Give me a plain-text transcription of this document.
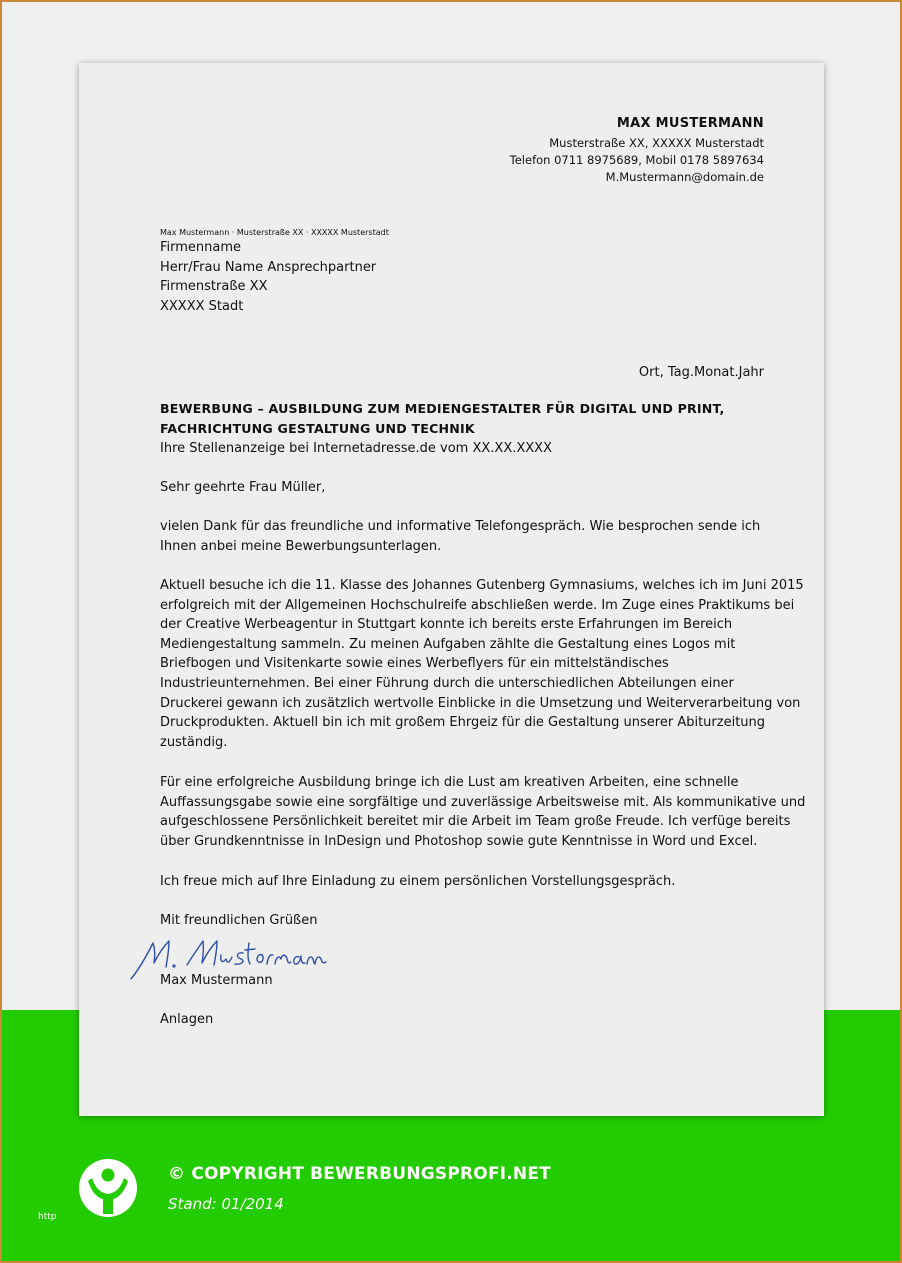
MAX MUSTERMANN
Musterstraße XX, XXXXX Musterstadt
Telefon 0711 8975689, Mobil 0178 5897634
M.Mustermann@domain.de
Max Mustermann · Musterstraße XX · XXXXX Musterstadt
Firmenname
Herr/Frau Name Ansprechpartner
Firmenstraße XX
XXXXX Stadt
Ort, Tag.Monat.Jahr
BEWERBUNG – AUSBILDUNG ZUM MEDIENGESTALTER FÜR DIGITAL UND PRINT,
FACHRICHTUNG GESTALTUNG UND TECHNIK
Ihre Stellenanzeige bei Internetadresse.de vom XX.XX.XXXX
Sehr geehrte Frau Müller,
vielen Dank für das freundliche und informative Telefongespräch. Wie besprochen sende ich
Ihnen anbei meine Bewerbungsunterlagen.
Aktuell besuche ich die 11. Klasse des Johannes Gutenberg Gymnasiums, welches ich im Juni 2015
erfolgreich mit der Allgemeinen Hochschulreife abschließen werde. Im Zuge eines Praktikums bei
der Creative Werbeagentur in Stuttgart konnte ich bereits erste Erfahrungen im Bereich
Mediengestaltung sammeln. Zu meinen Aufgaben zählte die Gestaltung eines Logos mit
Briefbogen und Visitenkarte sowie eines Werbeflyers für ein mittelständisches
Industrieunternehmen. Bei einer Führung durch die unterschiedlichen Abteilungen einer
Druckerei gewann ich zusätzlich wertvolle Einblicke in die Umsetzung und Weiterverarbeitung von
Druckprodukten. Aktuell bin ich mit großem Ehrgeiz für die Gestaltung unserer Abiturzeitung
zuständig.
Für eine erfolgreiche Ausbildung bringe ich die Lust am kreativen Arbeiten, eine schnelle
Auffassungsgabe sowie eine sorgfältige und zuverlässige Arbeitsweise mit. Als kommunikative und
aufgeschlossene Persönlichkeit bereitet mir die Arbeit im Team große Freude. Ich verfüge bereits
über Grundkenntnisse in InDesign und Photoshop sowie gute Kenntnisse in Word und Excel.
Ich freue mich auf Ihre Einladung zu einem persönlichen Vorstellungsgespräch.
Mit freundlichen Grüßen
Max Mustermann
Anlagen
© COPYRIGHT BEWERBUNGSPROFI.NET
Stand: 01/2014
http
